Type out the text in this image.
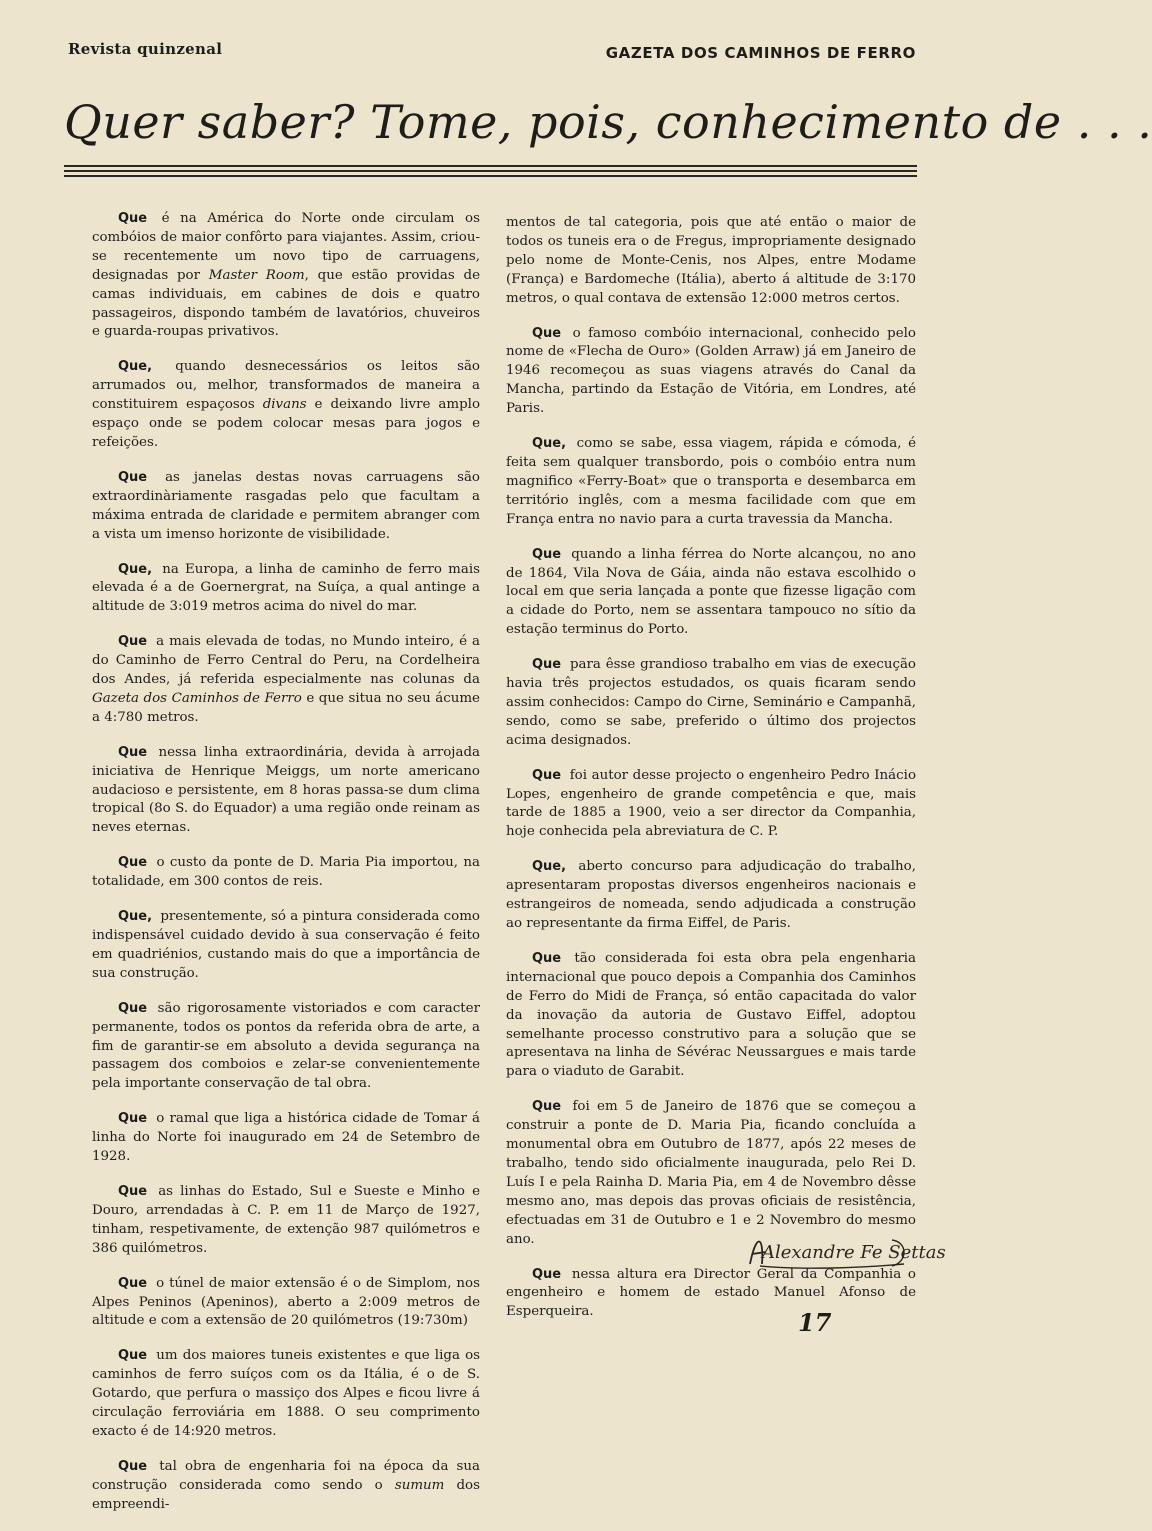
Revista quinzenal	GAZETA DOS CAMINHOS DE FERRO
Quer saber? Tome, pois, conhecimento de . . .

Que é na América do Norte onde circulam os combóios de maior confôrto para viajantes. Assim, criou-se recentemente um novo tipo de carruagens, designadas por Master Room, que estão providas de camas individuais, em cabines de dois e quatro passageiros, dispondo também de lavatórios, chuveiros e guarda-roupas privativos.

Que, quando desnecessários os leitos são arrumados ou, melhor, transformados de maneira a constituirem espaçosos divans e deixando livre amplo espaço onde se podem colocar mesas para jogos e refeições.

Que as janelas destas novas carruagens são extraordinàriamente rasgadas pelo que facultam a máxima entrada de claridade e permitem abranger com a vista um imenso horizonte de visibilidade.

Que, na Europa, a linha de caminho de ferro mais elevada é a de Goernergrat, na Suíça, a qual antinge a altitude de 3:019 metros acima do nivel do mar.

Que a mais elevada de todas, no Mundo inteiro, é a do Caminho de Ferro Central do Peru, na Cordelheira dos Andes, já referida especialmente nas colunas da Gazeta dos Caminhos de Ferro e que situa no seu ácume a 4:780 metros.

Que nessa linha extraordinária, devida à arrojada iniciativa de Henrique Meiggs, um norte americano audacioso e persistente, em 8 horas passa-se dum clima tropical (8o S. do Equador) a uma região onde reinam as neves eternas.

Que o custo da ponte de D. Maria Pia importou, na totalidade, em 300 contos de reis.

Que, presentemente, só a pintura considerada como indispensável cuidado devido à sua conservação é feito em quadriénios, custando mais do que a importância de sua construção.

Que são rigorosamente vistoriados e com caracter permanente, todos os pontos da referida obra de arte, a fim de garantir-se em absoluto a devida segurança na passagem dos comboios e zelar-se convenientemente pela importante conservação de tal obra.

Que o ramal que liga a histórica cidade de Tomar á linha do Norte foi inaugurado em 24 de Setembro de 1928.

Que as linhas do Estado, Sul e Sueste e Minho e Douro, arrendadas à C. P. em 11 de Março de 1927, tinham, respetivamente, de extenção 987 quilómetros e 386 quilómetros.

Que o túnel de maior extensão é o de Simplom, nos Alpes Peninos (Apeninos), aberto a 2:009 metros de altitude e com a extensão de 20 quilómetros (19:730m)

Que um dos maiores tuneis existentes e que liga os caminhos de ferro suíços com os da Itália, é o de S. Gotardo, que perfura o massiço dos Alpes e ficou livre á circulação ferroviária em 1888. O seu comprimento exacto é de 14:920 metros.

Que tal obra de engenharia foi na época da sua construção considerada como sendo o sumum dos empreendi-

mentos de tal categoria, pois que até então o maior de todos os tuneis era o de Fregus, impropriamente designado pelo nome de Monte-Cenis, nos Alpes, entre Modame (França) e Bardomeche (Itália), aberto á altitude de 3:170 metros, o qual contava de extensão 12:000 metros certos.

Que o famoso combóio internacional, conhecido pelo nome de «Flecha de Ouro» (Golden Arraw) já em Janeiro de 1946 recomeçou as suas viagens através do Canal da Mancha, partindo da Estação de Vitória, em Londres, até Paris.

Que, como se sabe, essa viagem, rápida e cómoda, é feita sem qualquer transbordo, pois o combóio entra num magnifico «Ferry-Boat» que o transporta e desembarca em território inglês, com a mesma facilidade com que em França entra no navio para a curta travessia da Mancha.

Que quando a linha férrea do Norte alcançou, no ano de 1864, Vila Nova de Gáia, ainda não estava escolhido o local em que seria lançada a ponte que fizesse ligação com a cidade do Porto, nem se assentara tampouco no sítio da estação terminus do Porto.

Que para êsse grandioso trabalho em vias de execução havia três projectos estudados, os quais ficaram sendo assim conhecidos: Campo do Cirne, Seminário e Campanhã, sendo, como se sabe, preferido o último dos projectos acima designados.

Que foi autor desse projecto o engenheiro Pedro Inácio Lopes, engenheiro de grande competência e que, mais tarde de 1885 a 1900, veio a ser director da Companhia, hoje conhecida pela abreviatura de C. P.

Que, aberto concurso para adjudicação do trabalho, apresentaram propostas diversos engenheiros nacionais e estrangeiros de nomeada, sendo adjudicada a construção ao representante da firma Eiffel, de Paris.

Que tão considerada foi esta obra pela engenharia internacional que pouco depois a Companhia dos Caminhos de Ferro do Midi de França, só então capacitada do valor da inovação da autoria de Gustavo Eiffel, adoptou semelhante processo construtivo para a solução que se apresentava na linha de Sévérac Neussargues e mais tarde para o viaduto de Garabit.

Que foi em 5 de Janeiro de 1876 que se começou a construir a ponte de D. Maria Pia, ficando concluída a monumental obra em Outubro de 1877, após 22 meses de trabalho, tendo sido oficialmente inaugurada, pelo Rei D. Luís I e pela Rainha D. Maria Pia, em 4 de Novembro dêsse mesmo ano, mas depois das provas oficiais de resistência, efectuadas em 31 de Outubro e 1 e 2 Novembro do mesmo ano.

Que nessa altura era Director Geral da Companhia o engenheiro e homem de estado Manuel Afonso de Esperqueira.

Alexandre Fe Settas
17
